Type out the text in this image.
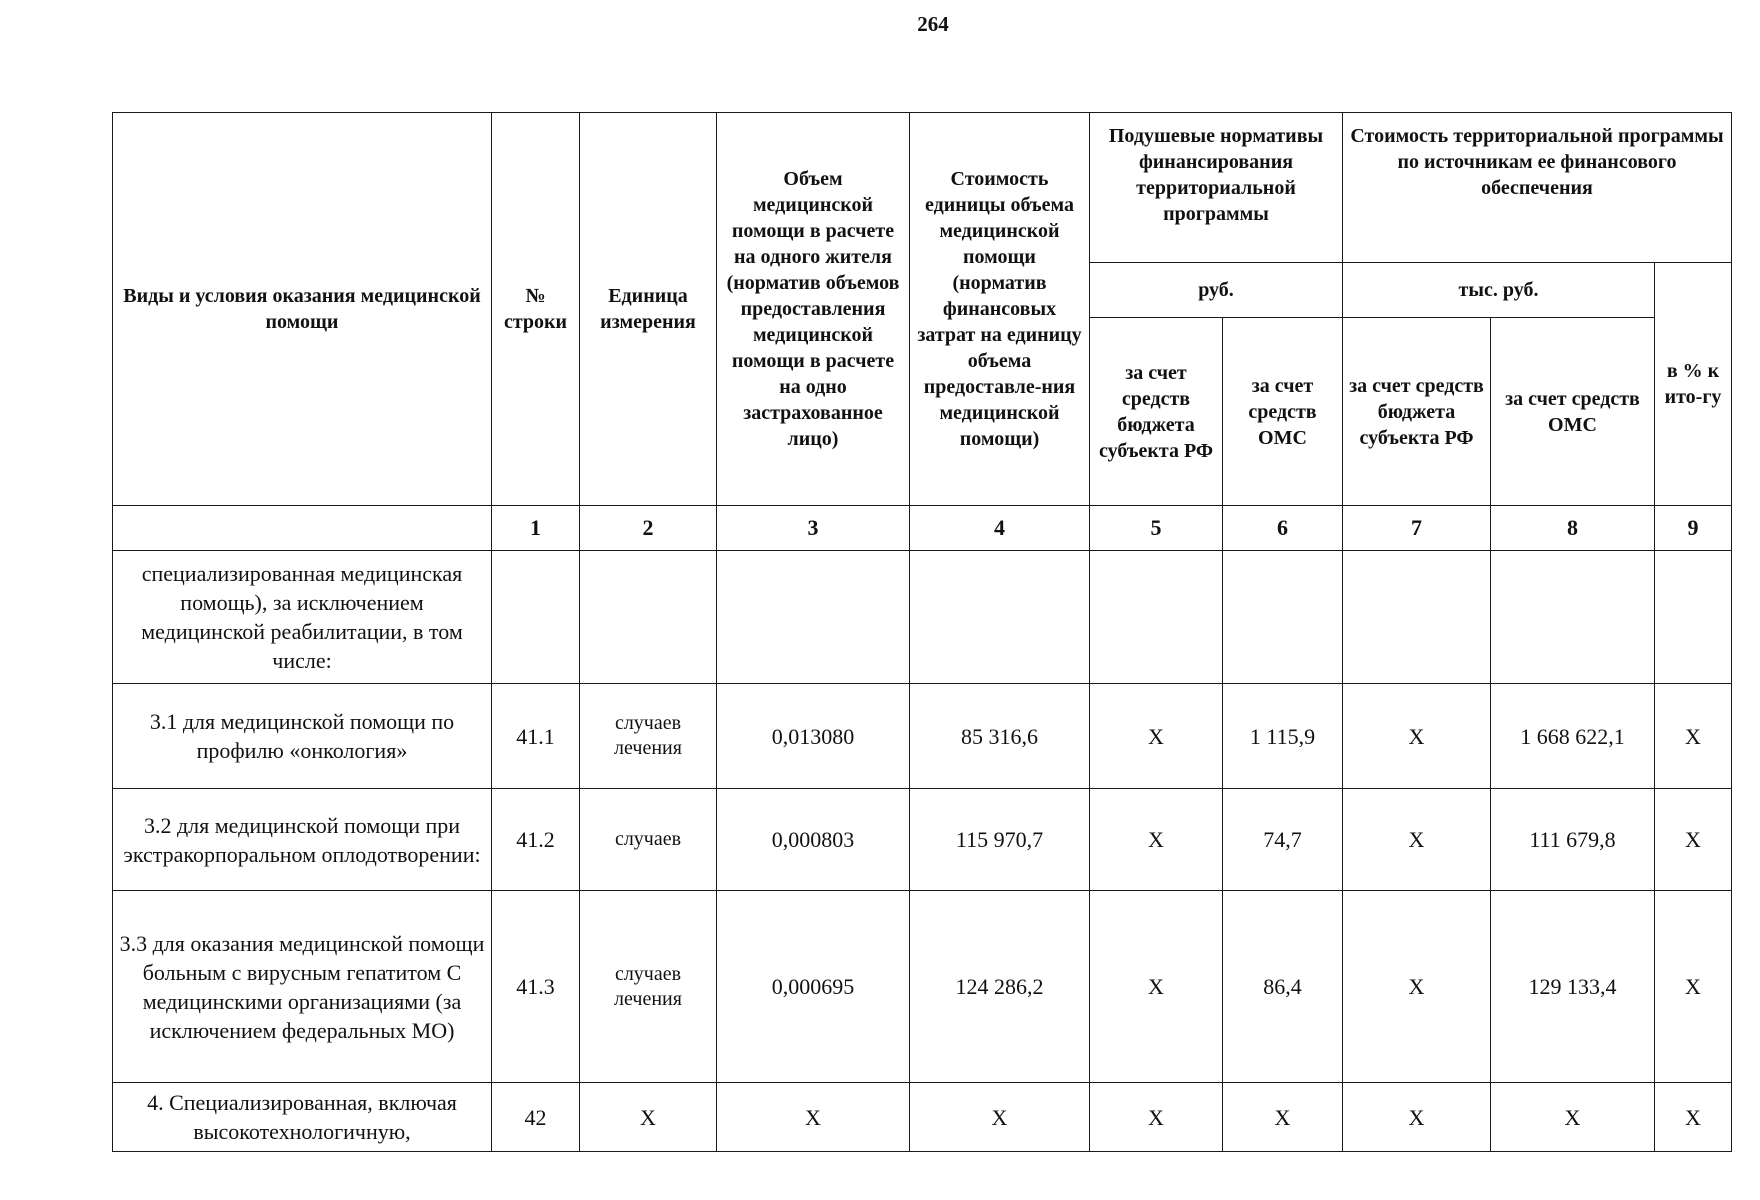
264
Виды и условия оказания медицинской помощи	№ строки	Единица измерения	Объем медицинской помощи в расчете на одного жителя (норматив объемов предоставления медицинской помощи в расчете на одно застрахованное лицо)	Стоимость единицы объема медицинской помощи (норматив финансовых затрат на единицу объема предоставле-ния медицинской помощи)	Подушевые нормативы финансирования территориальной программы		Стоимость территориальной программы по источникам ее финансового обеспечения		
					руб.		тыс. руб.		в % к ито-гу
					за счет средств бюджета субъекта РФ	за счет средств ОМС	за счет средств бюджета субъекта РФ	за счет средств ОМС	
	1	2	3	4	5	6	7	8	9
специализированная медицинская помощь), за исключением медицинской реабилитации, в том числе:									
3.1 для медицинской помощи по профилю «онкология»	41.1	случаев лечения	0,013080	85 316,6	Х	1 115,9	Х	1 668 622,1	Х
3.2 для медицинской помощи при экстракорпоральном оплодотворении:	41.2	случаев	0,000803	115 970,7	Х	74,7	Х	111 679,8	Х
3.3 для оказания медицинской помощи больным с вирусным гепатитом С медицинскими организациями (за исключением федеральных МО)	41.3	случаев лечения	0,000695	124 286,2	Х	86,4	Х	129 133,4	Х
4. Специализированная, включая высокотехнологичную,	42	Х	Х	Х	Х	Х	Х	Х	Х
